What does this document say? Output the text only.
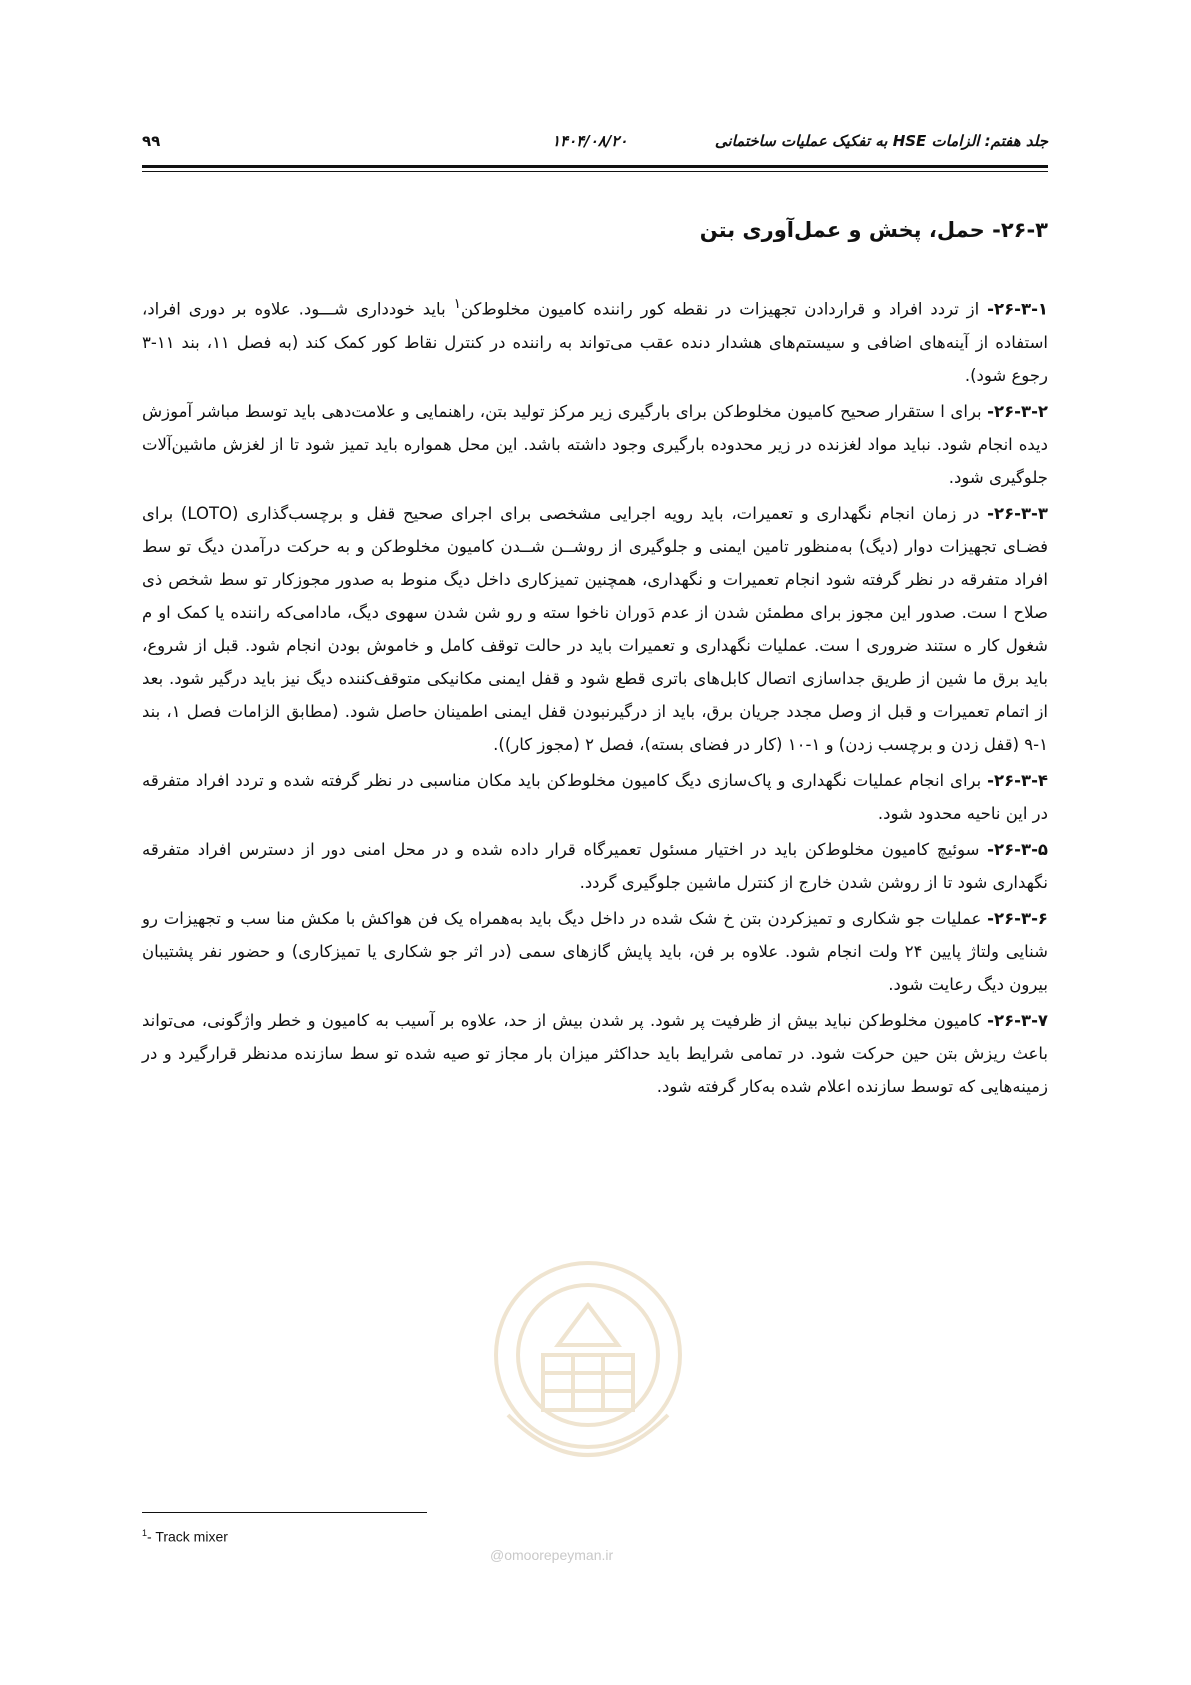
جلد هفتم: الزامات HSE به تفکیک عملیات ساختمانی
۱۴۰۴/۰۸/۲۰
۹۹
۲۶-۳- حمل، پخش و عمل‌آوری بتن

۲۶-۳-۱- از تردد افراد و قراردادن تجهیزات در نقطه کور راننده کامیون مخلوط‌کن$^۱$ باید خودداری شـــود. علاوه بر دوری افراد، استفاده از آینه‌های اضافی و سیستم‌های هشدار دنده عقب می‌تواند به راننده در کنترل نقاط کور کمک کند (به فصل ۱۱، بند ۱۱-۳ رجوع شود).

۲۶-۳-۲- برای ا ستقرار صحیح کامیون مخلوط‌کن برای بارگیری زیر مرکز تولید بتن، راهنمایی و علامت‌دهی باید توسط مباشر آموزش دیده انجام شود. نباید مواد لغزنده در زیر محدوده بارگیری وجود داشته باشد. این محل همواره باید تمیز شود تا از لغزش ماشین‌آلات جلوگیری شود.

۲۶-۳-۳- در زمان انجام نگهداری و تعمیرات، باید رویه اجرایی مشخصی برای اجرای صحیح قفل و برچسب‌گذاری (LOTO) برای فضـای تجهیزات دوار (دیگ) به‌منظور تامین ایمنی و جلوگیری از روشــن شــدن کامیون مخلوط‌کن و به حرکت درآمدن دیگ تو سط افراد متفرقه در نظر گرفته شود انجام تعمیرات و نگهداری، همچنین تمیزکاری داخل دیگ منوط به صدور مجوزکار تو سط شخص ذی صلاح ا ست. صدور این مجوز برای مطمئن شدن از عدم دَوران ناخوا سته و رو شن شدن سهوی دیگ، مادامی‌که راننده یا کمک او م شغول کار ه ستند ضروری ا ست. عملیات نگهداری و تعمیرات باید در حالت توقف کامل و خاموش بودن انجام شود. قبل از شروع، باید برق ما شین از طریق جداسازی اتصال کابل‌های باتری قطع شود و قفل ایمنی مکانیکی متوقف‌کننده دیگ نیز باید درگیر شود. بعد از اتمام تعمیرات و قبل از وصل مجدد جریان برق، باید از درگیرنبودن قفل ایمنی اطمینان حاصل شود. (مطابق الزامات فصل ۱، بند ۱-۹ (قفل زدن و برچسب زدن) و ۱-۱۰ (کار در فضای بسته)، فصل ۲ (مجوز کار)).

۲۶-۳-۴- برای انجام عملیات نگهداری و پاک‌سازی دیگ کامیون مخلوط‌کن باید مکان مناسبی در نظر گرفته شده و تردد افراد متفرقه در این ناحیه محدود شود.

۲۶-۳-۵- سوئیچ کامیون مخلوط‌کن باید در اختیار مسئول تعمیرگاه قرار داده شده و در محل امنی دور از دسترس افراد متفرقه نگهداری شود تا از روشن شدن خارج از کنترل ماشین جلوگیری گردد.

۲۶-۳-۶- عملیات جو شکاری و تمیزکردن بتن خ شک شده در داخل دیگ باید به‌همراه یک فن هواکش با مکش منا سب و تجهیزات رو شنایی ولتاژ پایین ۲۴ ولت انجام شود. علاوه بر فن، باید پایش گازهای سمی (در اثر جو شکاری یا تمیزکاری) و حضور نفر پشتیبان بیرون دیگ رعایت شود.

۲۶-۳-۷- کامیون مخلوط‌کن نباید بیش از ظرفیت پر شود. پر شدن بیش از حد، علاوه بر آسیب به کامیون و خطر واژگونی، می‌تواند باعث ریزش بتن حین حرکت شود. در تمامی شرایط باید حداکثر میزان بار مجاز تو صیه شده تو سط سازنده مدنظر قرارگیرد و در زمینه‌هایی که توسط سازنده اعلام شده به‌کار گرفته شود.

$^1$- Track mixer
@omoorepeyman.ir
